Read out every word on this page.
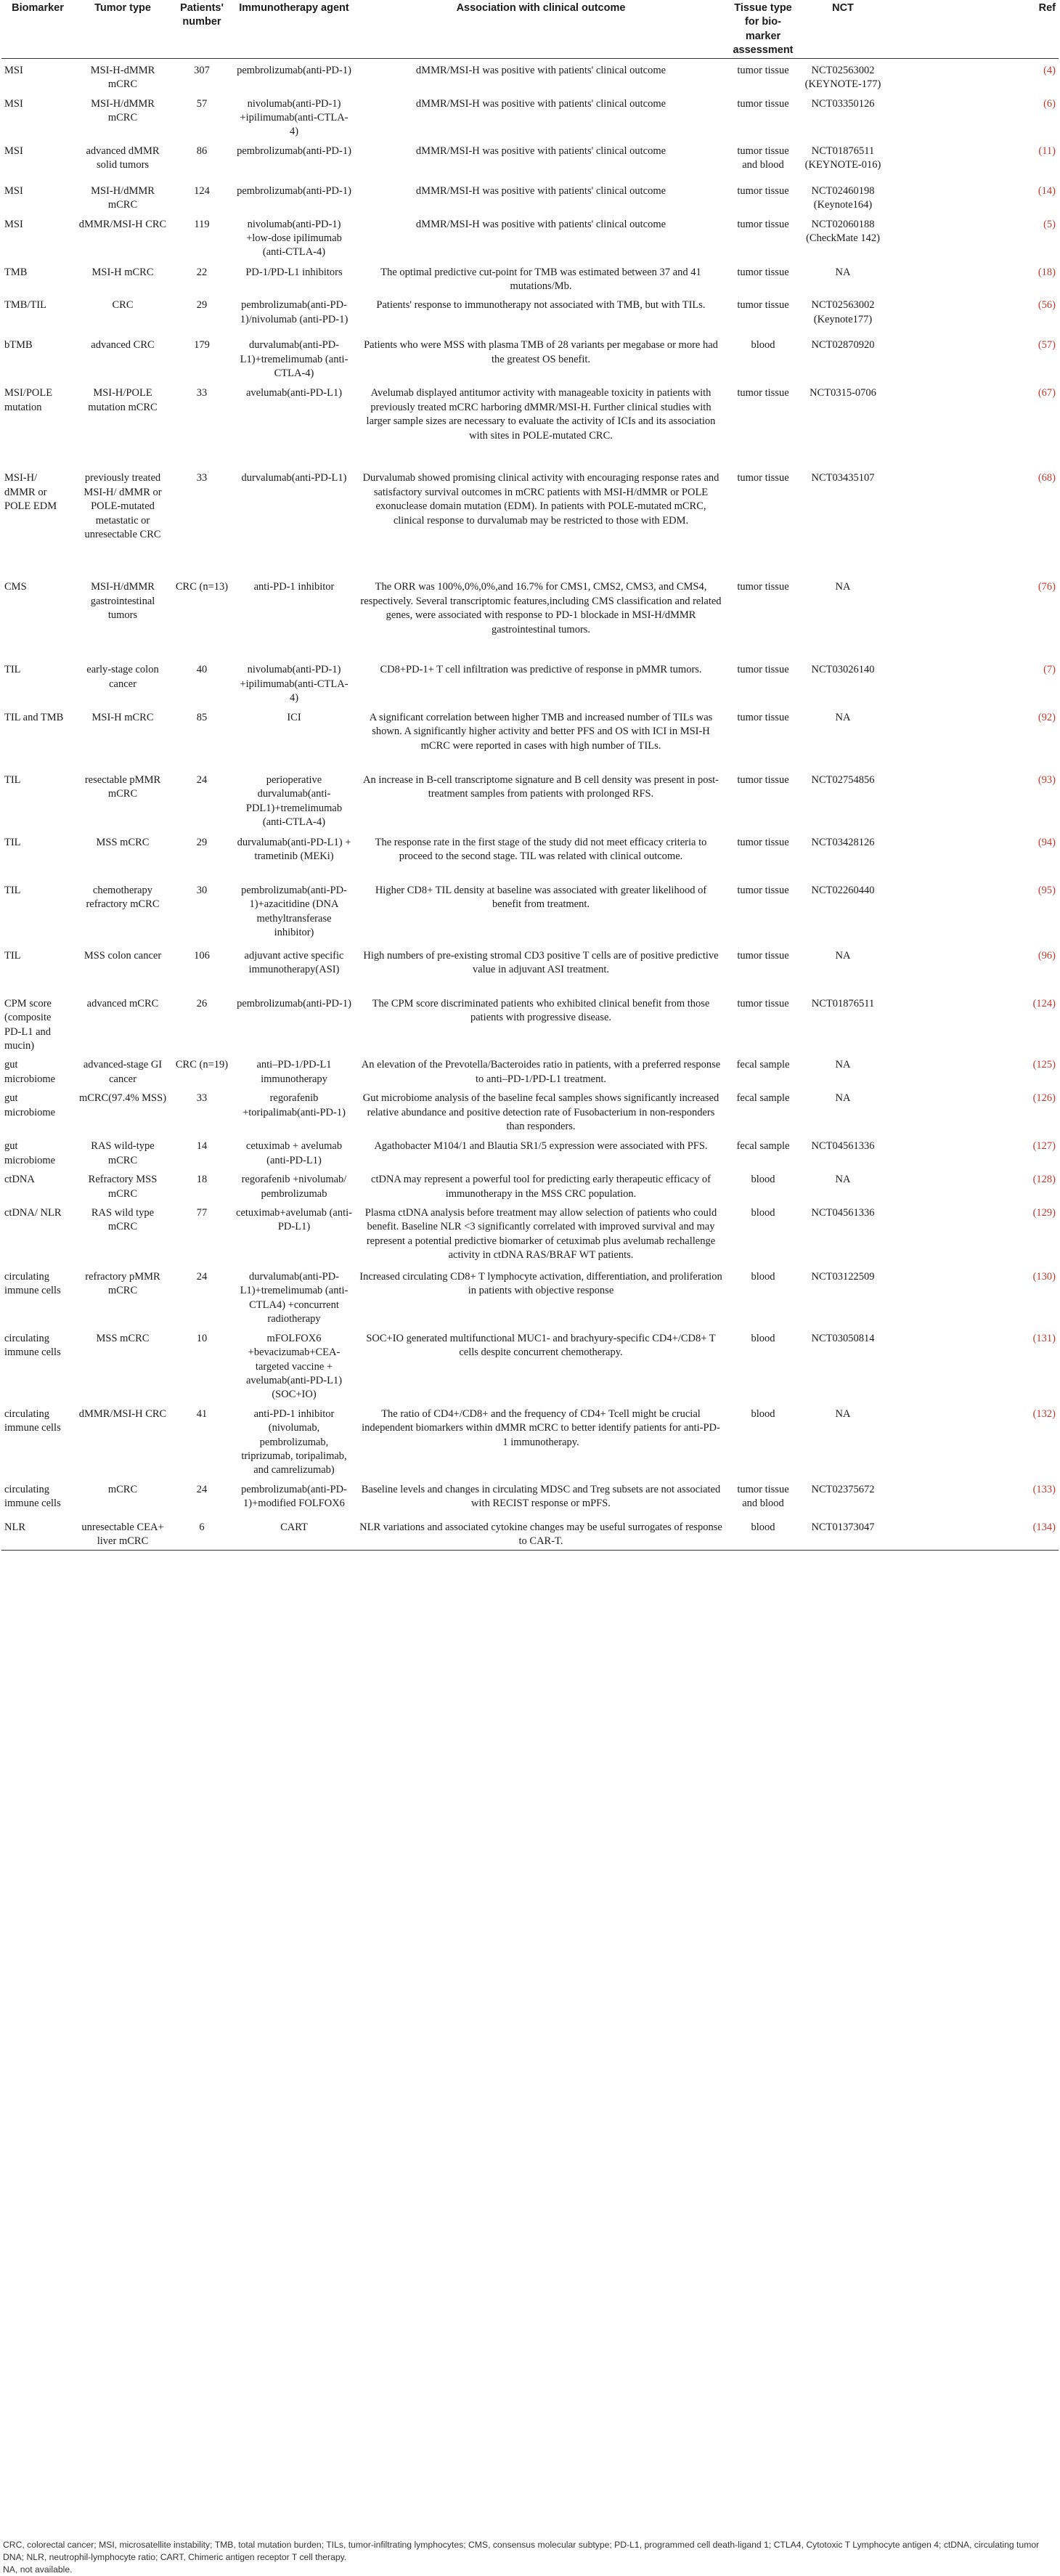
Biomarker	Tumor type	Patients' number	Immunotherapy agent	Association with clinical outcome	Tissue type for bio-marker assessment	NCT	Ref
MSI	MSI-H-dMMR mCRC	307	pembrolizumab(anti-PD-1)	dMMR/MSI-H was positive with patients' clinical outcome	tumor tissue	NCT02563002 (KEYNOTE-177)	(4)
MSI	MSI-H/dMMR mCRC	57	nivolumab(anti-PD-1) +ipilimumab(anti-CTLA-4)	dMMR/MSI-H was positive with patients' clinical outcome	tumor tissue	NCT03350126	(6)
MSI	advanced dMMR solid tumors	86	pembrolizumab(anti-PD-1)	dMMR/MSI-H was positive with patients' clinical outcome	tumor tissue and blood	NCT01876511 (KEYNOTE-016)	(11)
MSI	MSI-H/dMMR mCRC	124	pembrolizumab(anti-PD-1)	dMMR/MSI-H was positive with patients' clinical outcome	tumor tissue	NCT02460198 (Keynote164)	(14)
MSI	dMMR/MSI-H CRC	119	nivolumab(anti-PD-1) +low-dose ipilimumab (anti-CTLA-4)	dMMR/MSI-H was positive with patients' clinical outcome	tumor tissue	NCT02060188 (CheckMate 142)	(5)
TMB	MSI-H mCRC	22	PD-1/PD-L1 inhibitors	The optimal predictive cut-point for TMB was estimated between 37 and 41 mutations/Mb.	tumor tissue	NA	(18)
TMB/TIL	CRC	29	pembrolizumab(anti-PD-1)/nivolumab (anti-PD-1)	Patients' response to immunotherapy not associated with TMB, but with TILs.	tumor tissue	NCT02563002 (Keynote177)	(56)
bTMB	advanced CRC	179	durvalumab(anti-PD-L1)+tremelimumab (anti-CTLA-4)	Patients who were MSS with plasma TMB of 28 variants per megabase or more had the greatest OS benefit.	blood	NCT02870920	(57)
MSI/POLE mutation	MSI-H/POLE mutation mCRC	33	avelumab(anti-PD-L1)	Avelumab displayed antitumor activity with manageable toxicity in patients with previously treated mCRC harboring dMMR/MSI-H. Further clinical studies with larger sample sizes are necessary to evaluate the activity of ICIs and its association with sites in POLE-mutated CRC.	tumor tissue	NCT0315-0706	(67)
MSI-H/ dMMR or POLE EDM	previously treated MSI-H/ dMMR or POLE-mutated metastatic or unresectable CRC	33	durvalumab(anti-PD-L1)	Durvalumab showed promising clinical activity with encouraging response rates and satisfactory survival outcomes in mCRC patients with MSI-H/dMMR or POLE exonuclease domain mutation (EDM). In patients with POLE-mutated mCRC, clinical response to durvalumab may be restricted to those with EDM.	tumor tissue	NCT03435107	(68)
CMS	MSI-H/dMMR gastrointestinal tumors	CRC (n=13)	anti-PD-1 inhibitor	The ORR was 100%,0%,0%,and 16.7% for CMS1, CMS2, CMS3, and CMS4, respectively. Several transcriptomic features,including CMS classification and related genes, were associated with response to PD-1 blockade in MSI-H/dMMR gastrointestinal tumors.	tumor tissue	NA	(76)
TIL	early-stage colon cancer	40	nivolumab(anti-PD-1) +ipilimumab(anti-CTLA-4)	CD8+PD-1+ T cell infiltration was predictive of response in pMMR tumors.	tumor tissue	NCT03026140	(7)
TIL and TMB	MSI-H mCRC	85	ICI	A significant correlation between higher TMB and increased number of TILs was shown. A significantly higher activity and better PFS and OS with ICI in MSI-H mCRC were reported in cases with high number of TILs.	tumor tissue	NA	(92)
TIL	resectable pMMR mCRC	24	perioperative durvalumab(anti-PDL1)+tremelimumab (anti-CTLA-4)	An increase in B-cell transcriptome signature and B cell density was present in post-treatment samples from patients with prolonged RFS.	tumor tissue	NCT02754856	(93)
TIL	MSS mCRC	29	durvalumab(anti-PD-L1) + trametinib (MEKi)	The response rate in the first stage of the study did not meet efficacy criteria to proceed to the second stage. TIL was related with clinical outcome.	tumor tissue	NCT03428126	(94)
TIL	chemotherapy refractory mCRC	30	pembrolizumab(anti-PD-1)+azacitidine (DNA methyltransferase inhibitor)	Higher CD8+ TIL density at baseline was associated with greater likelihood of benefit from treatment.	tumor tissue	NCT02260440	(95)
TIL	MSS colon cancer	106	adjuvant active specific immunotherapy(ASI)	High numbers of pre-existing stromal CD3 positive T cells are of positive predictive value in adjuvant ASI treatment.	tumor tissue	NA	(96)
CPM score (composite PD-L1 and mucin)	advanced mCRC	26	pembrolizumab(anti-PD-1)	The CPM score discriminated patients who exhibited clinical benefit from those patients with progressive disease.	tumor tissue	NCT01876511	(124)
gut microbiome	advanced-stage GI cancer	CRC (n=19)	anti–PD-1/PD-L1 immunotherapy	An elevation of the Prevotella/Bacteroides ratio in patients, with a preferred response to anti–PD-1/PD-L1 treatment.	fecal sample	NA	(125)
gut microbiome	mCRC(97.4% MSS)	33	regorafenib +toripalimab(anti-PD-1)	Gut microbiome analysis of the baseline fecal samples shows significantly increased relative abundance and positive detection rate of Fusobacterium in non-responders than responders.	fecal sample	NA	(126)
gut microbiome	RAS wild-type mCRC	14	cetuximab + avelumab (anti-PD-L1)	Agathobacter M104/1 and Blautia SR1/5 expression were associated with PFS.	fecal sample	NCT04561336	(127)
ctDNA	Refractory MSS mCRC	18	regorafenib +nivolumab/ pembrolizumab	ctDNA may represent a powerful tool for predicting early therapeutic efficacy of immunotherapy in the MSS CRC population.	blood	NA	(128)
ctDNA/ NLR	RAS wild type mCRC	77	cetuximab+avelumab (anti-PD-L1)	Plasma ctDNA analysis before treatment may allow selection of patients who could benefit. Baseline NLR <3 significantly correlated with improved survival and may represent a potential predictive biomarker of cetuximab plus avelumab rechallenge activity in ctDNA RAS/BRAF WT patients.	blood	NCT04561336	(129)
circulating immune cells	refractory pMMR mCRC	24	durvalumab(anti-PD-L1)+tremelimumab (anti-CTLA4) +concurrent radiotherapy	Increased circulating CD8+ T lymphocyte activation, differentiation, and proliferation in patients with objective response	blood	NCT03122509	(130)
circulating immune cells	MSS mCRC	10	mFOLFOX6 +bevacizumab+CEA-targeted vaccine + avelumab(anti-PD-L1) (SOC+IO)	SOC+IO generated multifunctional MUC1- and brachyury-specific CD4+/CD8+ T cells despite concurrent chemotherapy.	blood	NCT03050814	(131)
circulating immune cells	dMMR/MSI-H CRC	41	anti-PD-1 inhibitor (nivolumab, pembrolizumab, triprizumab, toripalimab, and camrelizumab)	The ratio of CD4+/CD8+ and the frequency of CD4+ Tcell might be crucial independent biomarkers within dMMR mCRC to better identify patients for anti-PD-1 immunotherapy.	blood	NA	(132)
circulating immune cells	mCRC	24	pembrolizumab(anti-PD-1)+modified FOLFOX6	Baseline levels and changes in circulating MDSC and Treg subsets are not associated with RECIST response or mPFS.	tumor tissue and blood	NCT02375672	(133)
NLR	unresectable CEA+ liver mCRC	6	CART	NLR variations and associated cytokine changes may be useful surrogates of response to CAR-T.	blood	NCT01373047	(134)
CRC, colorectal cancer; MSI, microsatellite instability; TMB, total mutation burden; TILs, tumor-infiltrating lymphocytes; CMS, consensus molecular subtype; PD-L1, programmed cell death-ligand 1; CTLA4, Cytotoxic T Lymphocyte antigen 4; ctDNA, circulating tumor DNA; NLR, neutrophil-lymphocyte ratio; CART, Chimeric antigen receptor T cell therapy.
NA, not available.
